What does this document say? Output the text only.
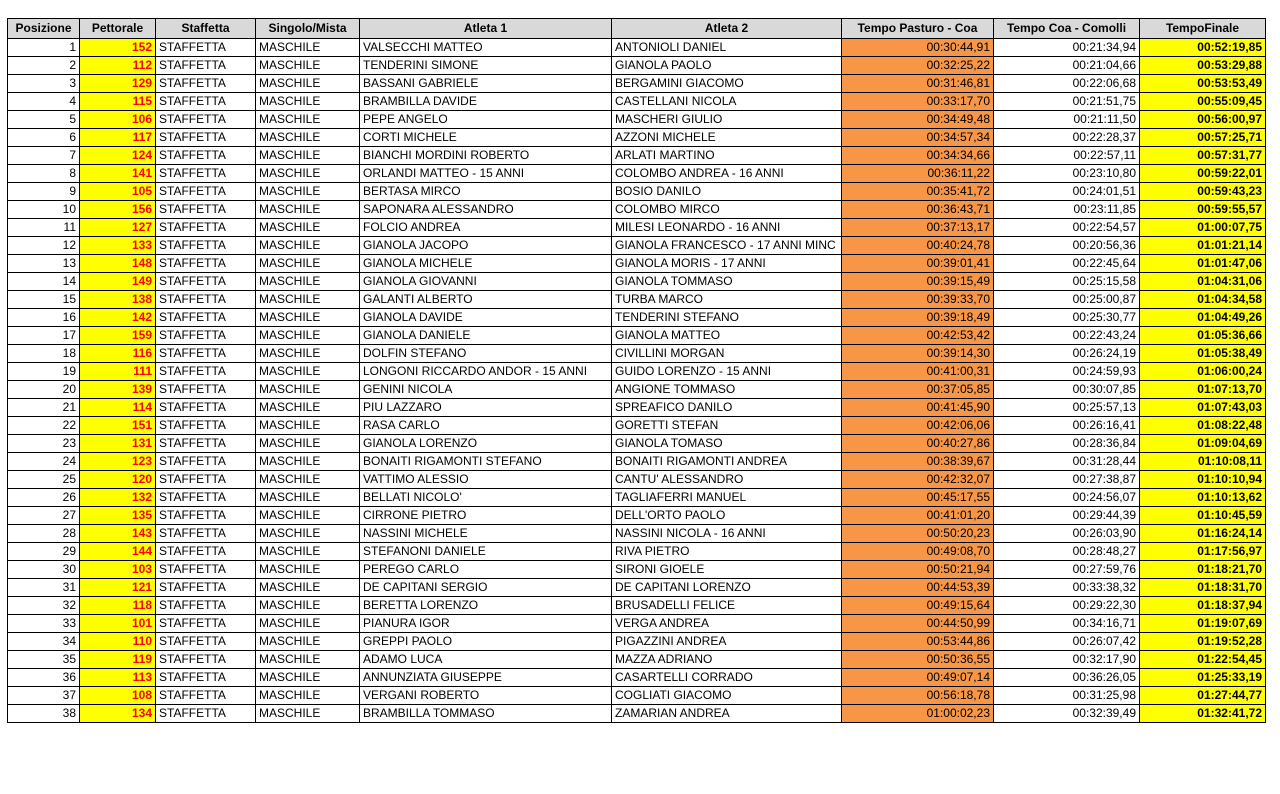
Posizione	Pettorale	Staffetta	Singolo/Mista	Atleta 1	Atleta 2	Tempo Pasturo - Coa	Tempo Coa - Comolli	TempoFinale
1	152	STAFFETTA	MASCHILE	VALSECCHI MATTEO	ANTONIOLI DANIEL	00:30:44,91	00:21:34,94	00:52:19,85
2	112	STAFFETTA	MASCHILE	TENDERINI SIMONE	GIANOLA PAOLO	00:32:25,22	00:21:04,66	00:53:29,88
3	129	STAFFETTA	MASCHILE	BASSANI GABRIELE	BERGAMINI GIACOMO	00:31:46,81	00:22:06,68	00:53:53,49
4	115	STAFFETTA	MASCHILE	BRAMBILLA DAVIDE	CASTELLANI NICOLA	00:33:17,70	00:21:51,75	00:55:09,45
5	106	STAFFETTA	MASCHILE	PEPE ANGELO	MASCHERI GIULIO	00:34:49,48	00:21:11,50	00:56:00,97
6	117	STAFFETTA	MASCHILE	CORTI MICHELE	AZZONI MICHELE	00:34:57,34	00:22:28,37	00:57:25,71
7	124	STAFFETTA	MASCHILE	BIANCHI MORDINI ROBERTO	ARLATI MARTINO	00:34:34,66	00:22:57,11	00:57:31,77
8	141	STAFFETTA	MASCHILE	ORLANDI MATTEO - 15 ANNI	COLOMBO ANDREA - 16 ANNI	00:36:11,22	00:23:10,80	00:59:22,01
9	105	STAFFETTA	MASCHILE	BERTASA MIRCO	BOSIO DANILO	00:35:41,72	00:24:01,51	00:59:43,23
10	156	STAFFETTA	MASCHILE	SAPONARA ALESSANDRO	COLOMBO MIRCO	00:36:43,71	00:23:11,85	00:59:55,57
11	127	STAFFETTA	MASCHILE	FOLCIO ANDREA	MILESI LEONARDO - 16 ANNI	00:37:13,17	00:22:54,57	01:00:07,75
12	133	STAFFETTA	MASCHILE	GIANOLA JACOPO	GIANOLA FRANCESCO - 17 ANNI MINC	00:40:24,78	00:20:56,36	01:01:21,14
13	148	STAFFETTA	MASCHILE	GIANOLA MICHELE	GIANOLA MORIS - 17 ANNI	00:39:01,41	00:22:45,64	01:01:47,06
14	149	STAFFETTA	MASCHILE	GIANOLA GIOVANNI	GIANOLA TOMMASO	00:39:15,49	00:25:15,58	01:04:31,06
15	138	STAFFETTA	MASCHILE	GALANTI ALBERTO	TURBA MARCO	00:39:33,70	00:25:00,87	01:04:34,58
16	142	STAFFETTA	MASCHILE	GIANOLA DAVIDE	TENDERINI STEFANO	00:39:18,49	00:25:30,77	01:04:49,26
17	159	STAFFETTA	MASCHILE	GIANOLA DANIELE	GIANOLA MATTEO	00:42:53,42	00:22:43,24	01:05:36,66
18	116	STAFFETTA	MASCHILE	DOLFIN STEFANO	CIVILLINI MORGAN	00:39:14,30	00:26:24,19	01:05:38,49
19	111	STAFFETTA	MASCHILE	LONGONI RICCARDO ANDOR - 15 ANNI	GUIDO LORENZO - 15 ANNI	00:41:00,31	00:24:59,93	01:06:00,24
20	139	STAFFETTA	MASCHILE	GENINI NICOLA	ANGIONE TOMMASO	00:37:05,85	00:30:07,85	01:07:13,70
21	114	STAFFETTA	MASCHILE	PIU LAZZARO	SPREAFICO DANILO	00:41:45,90	00:25:57,13	01:07:43,03
22	151	STAFFETTA	MASCHILE	RASA CARLO	GORETTI STEFAN	00:42:06,06	00:26:16,41	01:08:22,48
23	131	STAFFETTA	MASCHILE	GIANOLA LORENZO	GIANOLA TOMASO	00:40:27,86	00:28:36,84	01:09:04,69
24	123	STAFFETTA	MASCHILE	BONAITI RIGAMONTI STEFANO	BONAITI RIGAMONTI ANDREA	00:38:39,67	00:31:28,44	01:10:08,11
25	120	STAFFETTA	MASCHILE	VATTIMO ALESSIO	CANTU' ALESSANDRO	00:42:32,07	00:27:38,87	01:10:10,94
26	132	STAFFETTA	MASCHILE	BELLATI NICOLO'	TAGLIAFERRI MANUEL	00:45:17,55	00:24:56,07	01:10:13,62
27	135	STAFFETTA	MASCHILE	CIRRONE PIETRO	DELL'ORTO PAOLO	00:41:01,20	00:29:44,39	01:10:45,59
28	143	STAFFETTA	MASCHILE	NASSINI MICHELE	NASSINI NICOLA - 16 ANNI	00:50:20,23	00:26:03,90	01:16:24,14
29	144	STAFFETTA	MASCHILE	STEFANONI DANIELE	RIVA PIETRO	00:49:08,70	00:28:48,27	01:17:56,97
30	103	STAFFETTA	MASCHILE	PEREGO CARLO	SIRONI GIOELE	00:50:21,94	00:27:59,76	01:18:21,70
31	121	STAFFETTA	MASCHILE	DE CAPITANI SERGIO	DE CAPITANI LORENZO	00:44:53,39	00:33:38,32	01:18:31,70
32	118	STAFFETTA	MASCHILE	BERETTA LORENZO	BRUSADELLI FELICE	00:49:15,64	00:29:22,30	01:18:37,94
33	101	STAFFETTA	MASCHILE	PIANURA IGOR	VERGA ANDREA	00:44:50,99	00:34:16,71	01:19:07,69
34	110	STAFFETTA	MASCHILE	GREPPI PAOLO	PIGAZZINI ANDREA	00:53:44,86	00:26:07,42	01:19:52,28
35	119	STAFFETTA	MASCHILE	ADAMO LUCA	MAZZA ADRIANO	00:50:36,55	00:32:17,90	01:22:54,45
36	113	STAFFETTA	MASCHILE	ANNUNZIATA GIUSEPPE	CASARTELLI CORRADO	00:49:07,14	00:36:26,05	01:25:33,19
37	108	STAFFETTA	MASCHILE	VERGANI ROBERTO	COGLIATI GIACOMO	00:56:18,78	00:31:25,98	01:27:44,77
38	134	STAFFETTA	MASCHILE	BRAMBILLA TOMMASO	ZAMARIAN ANDREA	01:00:02,23	00:32:39,49	01:32:41,72
